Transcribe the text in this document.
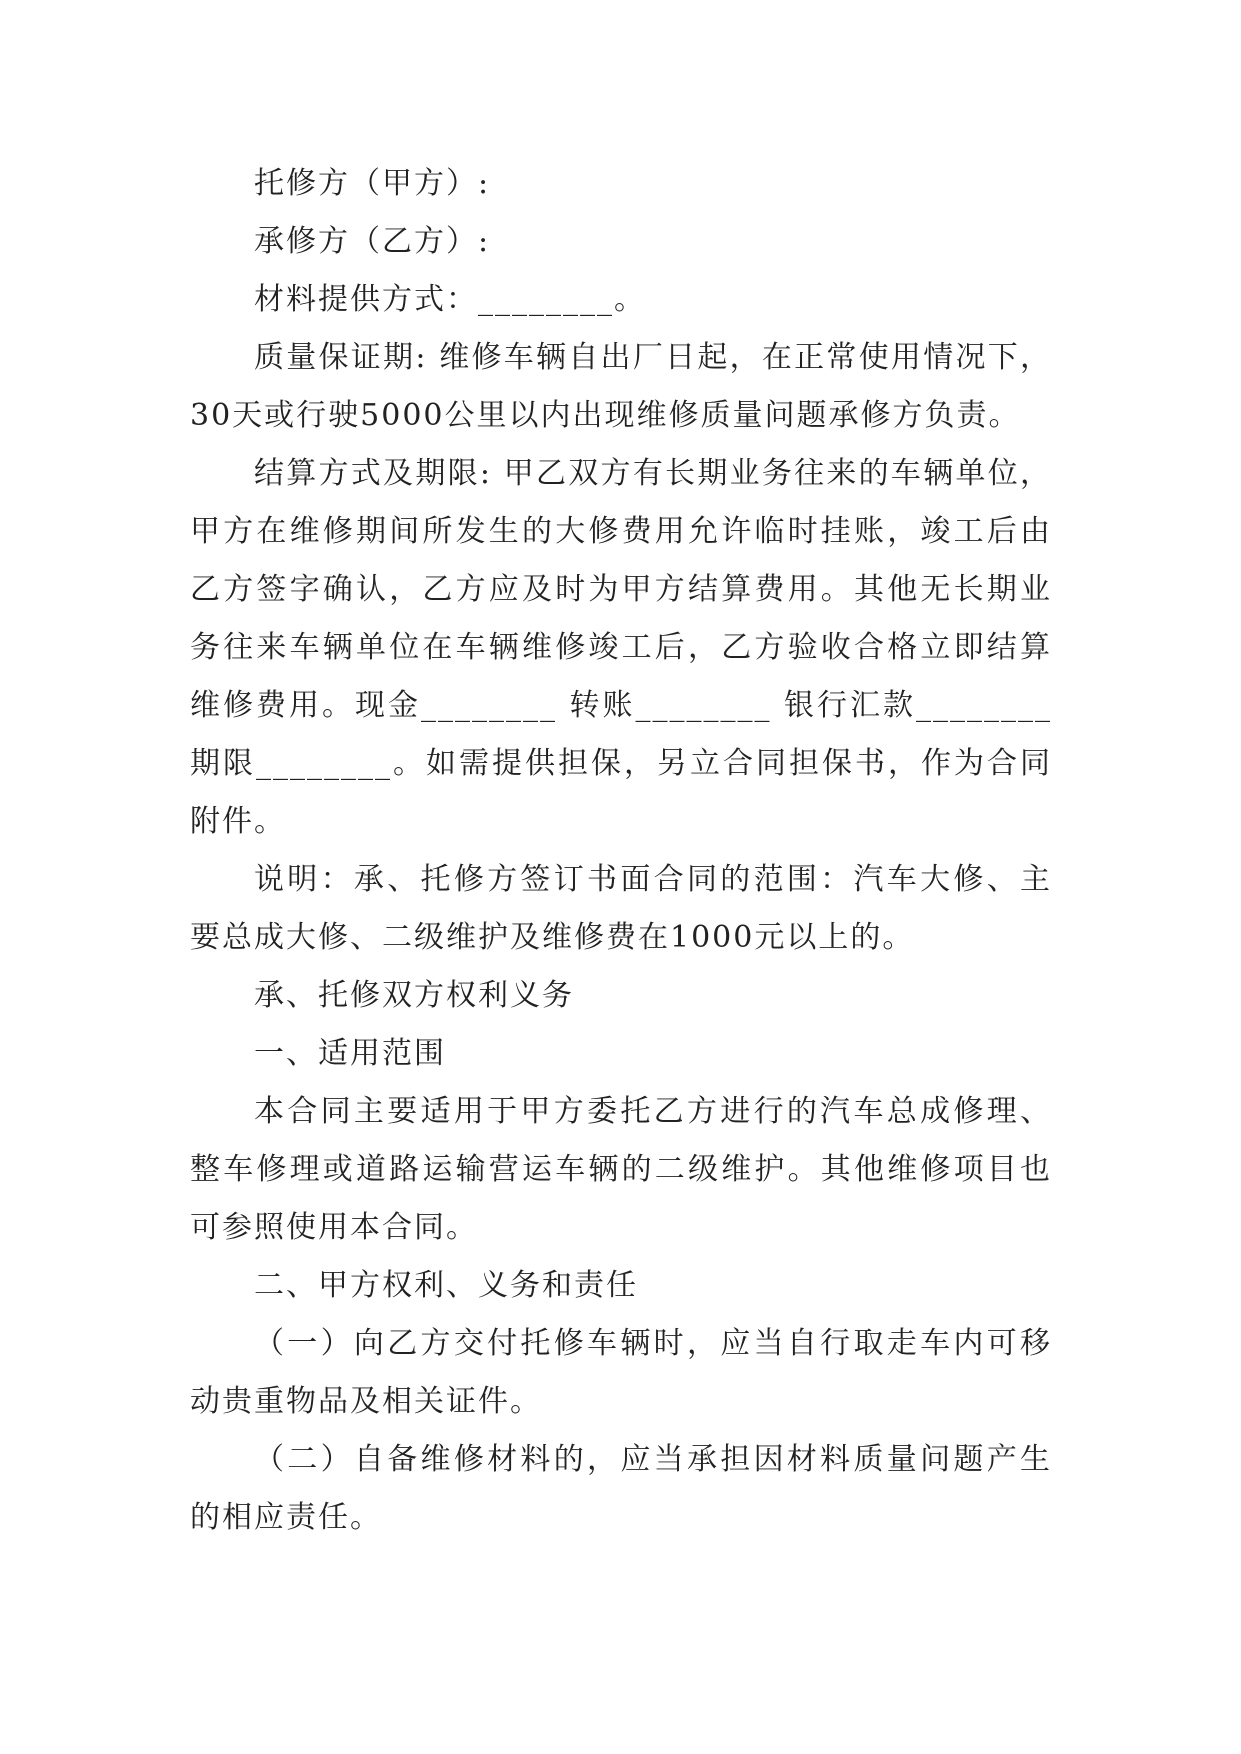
托修方（甲方）:

承修方（乙方）:

材料提供方式：________。

质量保证期: 维修车辆自出厂日起，在正常使用情况下，30天或行驶5000公里以内出现维修质量问题承修方负责。

结算方式及期限: 甲乙双方有长期业务往来的车辆单位，甲方在维修期间所发生的大修费用允许临时挂账，竣工后由乙方签字确认，乙方应及时为甲方结算费用。其他无长期业务往来车辆单位在车辆维修竣工后，乙方验收合格立即结算维修费用。现金________ 转账________ 银行汇款________ 期限________。如需提供担保，另立合同担保书，作为合同附件。

说明：承、托修方签订书面合同的范围：汽车大修、主要总成大修、二级维护及维修费在1000元以上的。

承、托修双方权利义务

一、适用范围

本合同主要适用于甲方委托乙方进行的汽车总成修理、整车修理或道路运输营运车辆的二级维护。其他维修项目也可参照使用本合同。

二、甲方权利、义务和责任

（一）向乙方交付托修车辆时，应当自行取走车内可移动贵重物品及相关证件。

（二）自备维修材料的，应当承担因材料质量问题产生的相应责任。
